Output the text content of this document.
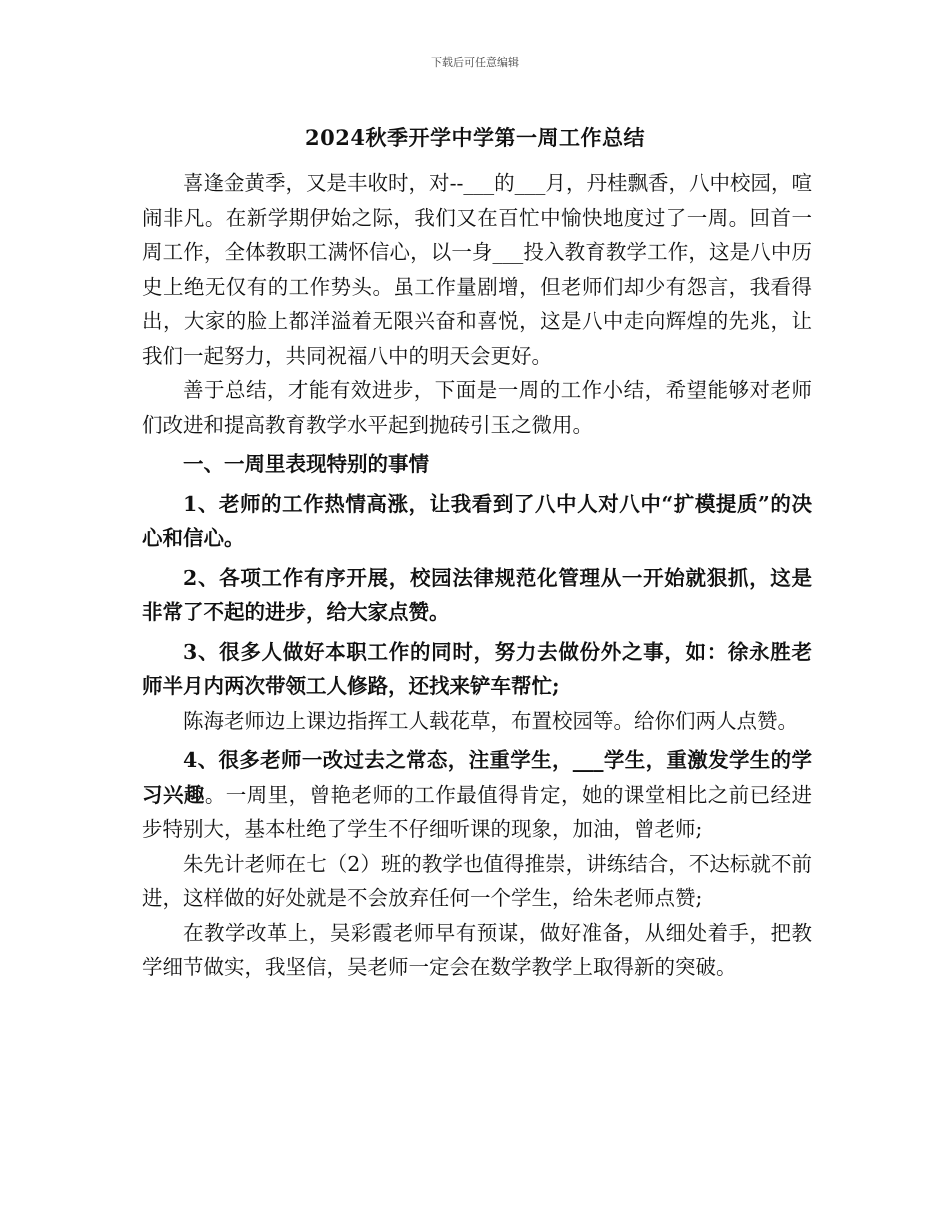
下载后可任意编辑
2024秋季开学中学第一周工作总结

喜逢金黄季，又是丰收时，对--___的___月，丹桂飘香，八中校园，喧闹非凡。在新学期伊始之际，我们又在百忙中愉快地度过了一周。回首一周工作，全体教职工满怀信心，以一身___投入教育教学工作，这是八中历史上绝无仅有的工作势头。虽工作量剧增，但老师们却少有怨言，我看得出，大家的脸上都洋溢着无限兴奋和喜悦，这是八中走向辉煌的先兆，让我们一起努力，共同祝福八中的明天会更好。

善于总结，才能有效进步，下面是一周的工作小结，希望能够对老师们改进和提高教育教学水平起到抛砖引玉之微用。

一、一周里表现特别的事情

1、老师的工作热情高涨，让我看到了八中人对八中“扩模提质”的决心和信心。

2、各项工作有序开展，校园法律规范化管理从一开始就狠抓，这是非常了不起的进步，给大家点赞。

3、很多人做好本职工作的同时，努力去做份外之事，如：徐永胜老师半月内两次带领工人修路，还找来铲车帮忙;

陈海老师边上课边指挥工人载花草，布置校园等。给你们两人点赞。

4、很多老师一改过去之常态，注重学生，___学生，重激发学生的学习兴趣。一周里，曾艳老师的工作最值得肯定，她的课堂相比之前已经进步特别大，基本杜绝了学生不仔细听课的现象，加油，曾老师;

朱先计老师在七（2）班的教学也值得推崇，讲练结合，不达标就不前进，这样做的好处就是不会放弃任何一个学生，给朱老师点赞;

在教学改革上，吴彩霞老师早有预谋，做好准备，从细处着手，把教学细节做实，我坚信，吴老师一定会在数学教学上取得新的突破。
